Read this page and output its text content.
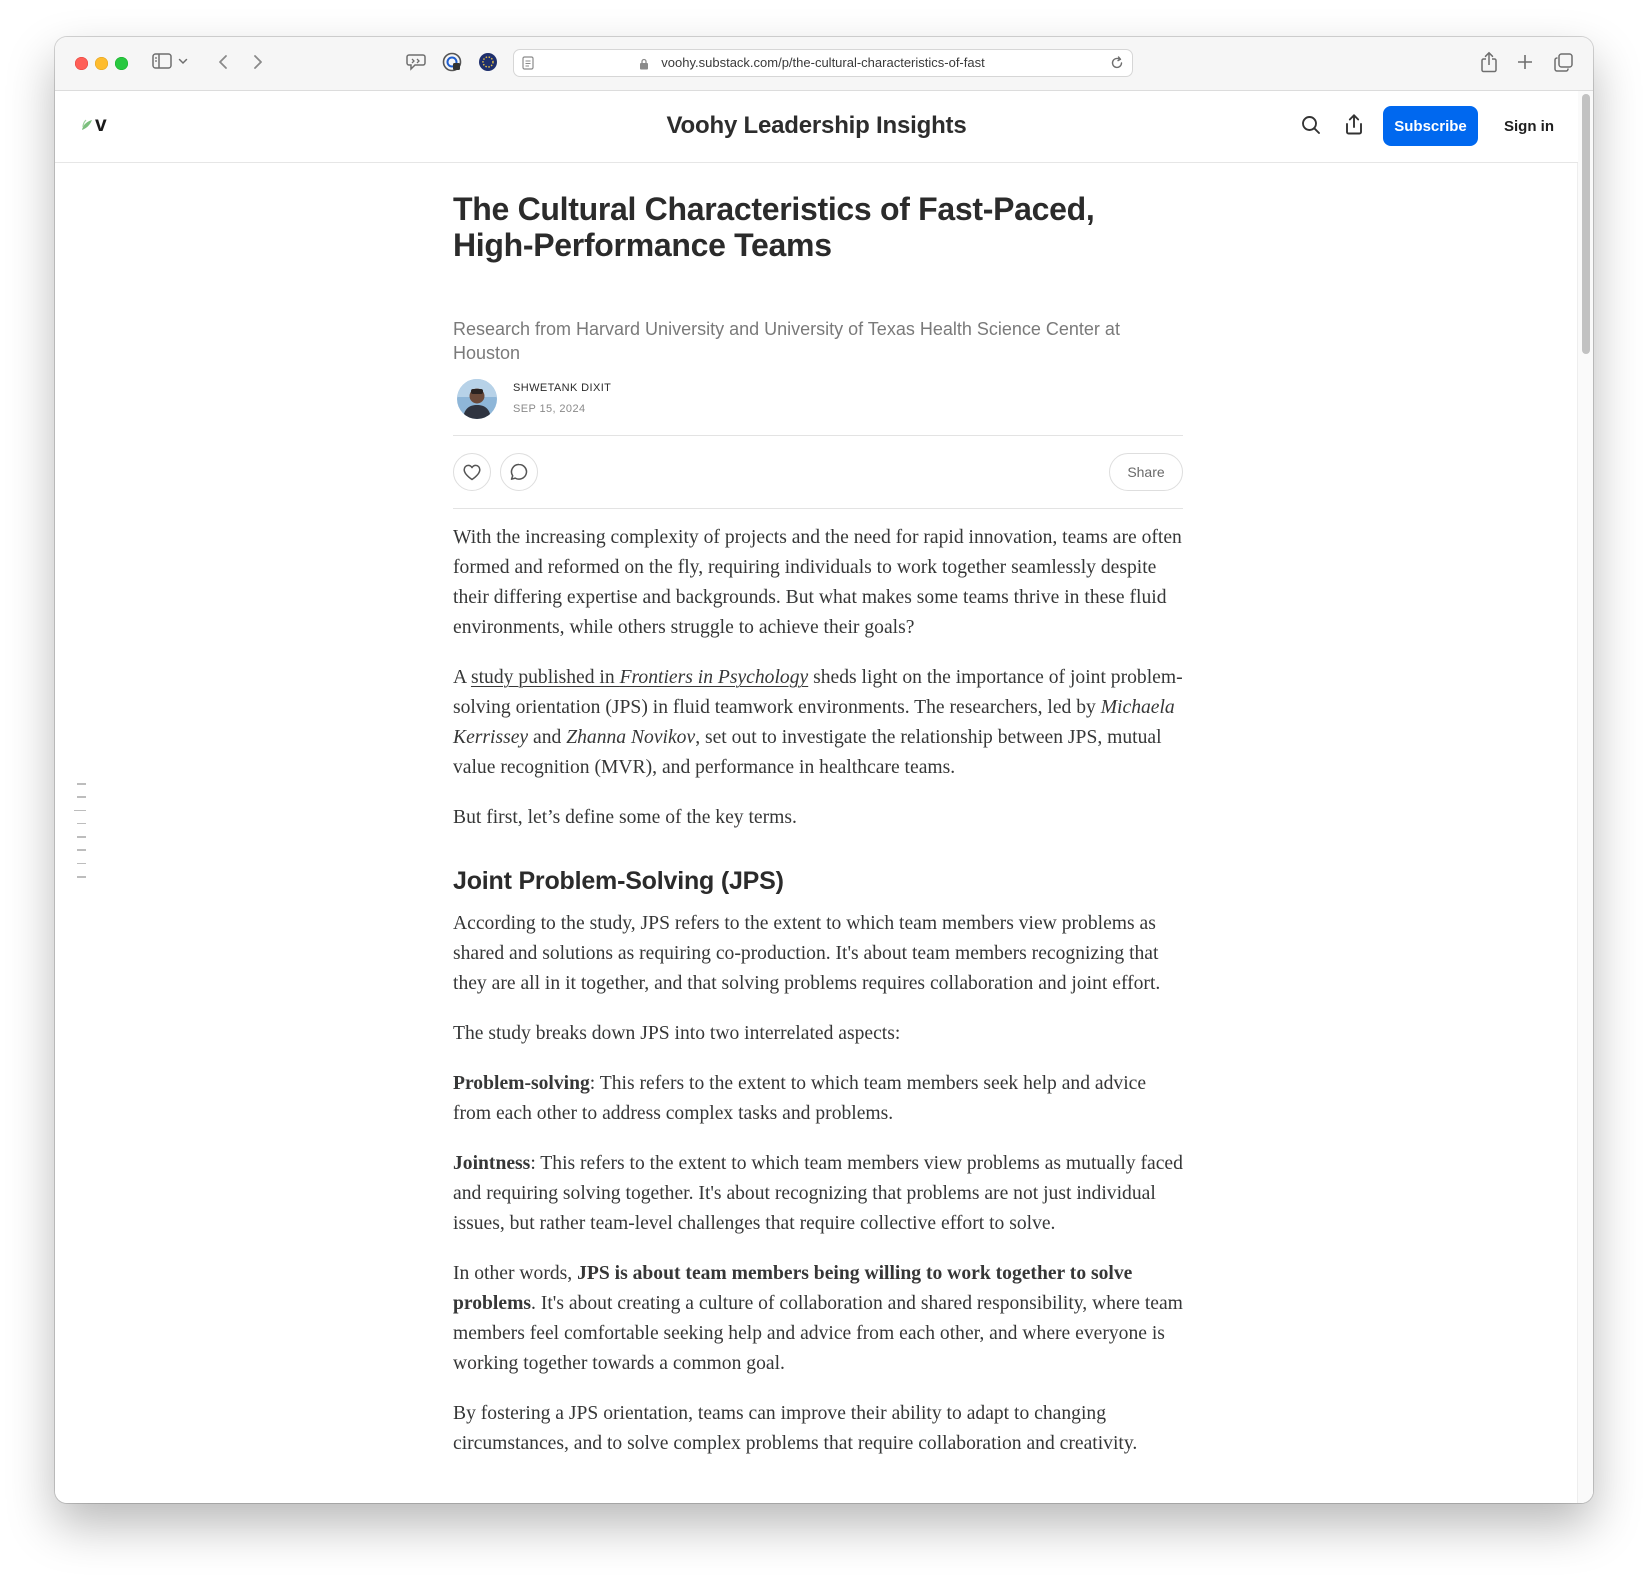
voohy.substack.com/p/the-cultural-characteristics-of-fast
v	Voohy Leadership Insights	Subscribe	Sign in
The Cultural Characteristics of Fast-Paced, High-Performance Teams

Research from Harvard University and University of Texas Health Science Center at Houston

SHWETANK DIXIT
SEP 15, 2024
Share

With the increasing complexity of projects and the need for rapid innovation, teams are often formed and reformed on the fly, requiring individuals to work together seamlessly despite their differing expertise and backgrounds. But what makes some teams thrive in these fluid environments, while others struggle to achieve their goals?

A study published in Frontiers in Psychology sheds light on the importance of joint problem-solving orientation (JPS) in fluid teamwork environments. The researchers, led by Michaela Kerrissey and Zhanna Novikov, set out to investigate the relationship between JPS, mutual value recognition (MVR), and performance in healthcare teams.

But first, let’s define some of the key terms.

Joint Problem-Solving (JPS)

According to the study, JPS refers to the extent to which team members view problems as shared and solutions as requiring co-production. It's about team members recognizing that they are all in it together, and that solving problems requires collaboration and joint effort.

The study breaks down JPS into two interrelated aspects:

Problem-solving: This refers to the extent to which team members seek help and advice from each other to address complex tasks and problems.

Jointness: This refers to the extent to which team members view problems as mutually faced and requiring solving together. It's about recognizing that problems are not just individual issues, but rather team-level challenges that require collective effort to solve.

In other words, JPS is about team members being willing to work together to solve problems. It's about creating a culture of collaboration and shared responsibility, where team members feel comfortable seeking help and advice from each other, and where everyone is working together towards a common goal.

By fostering a JPS orientation, teams can improve their ability to adapt to changing circumstances, and to solve complex problems that require collaboration and creativity.
